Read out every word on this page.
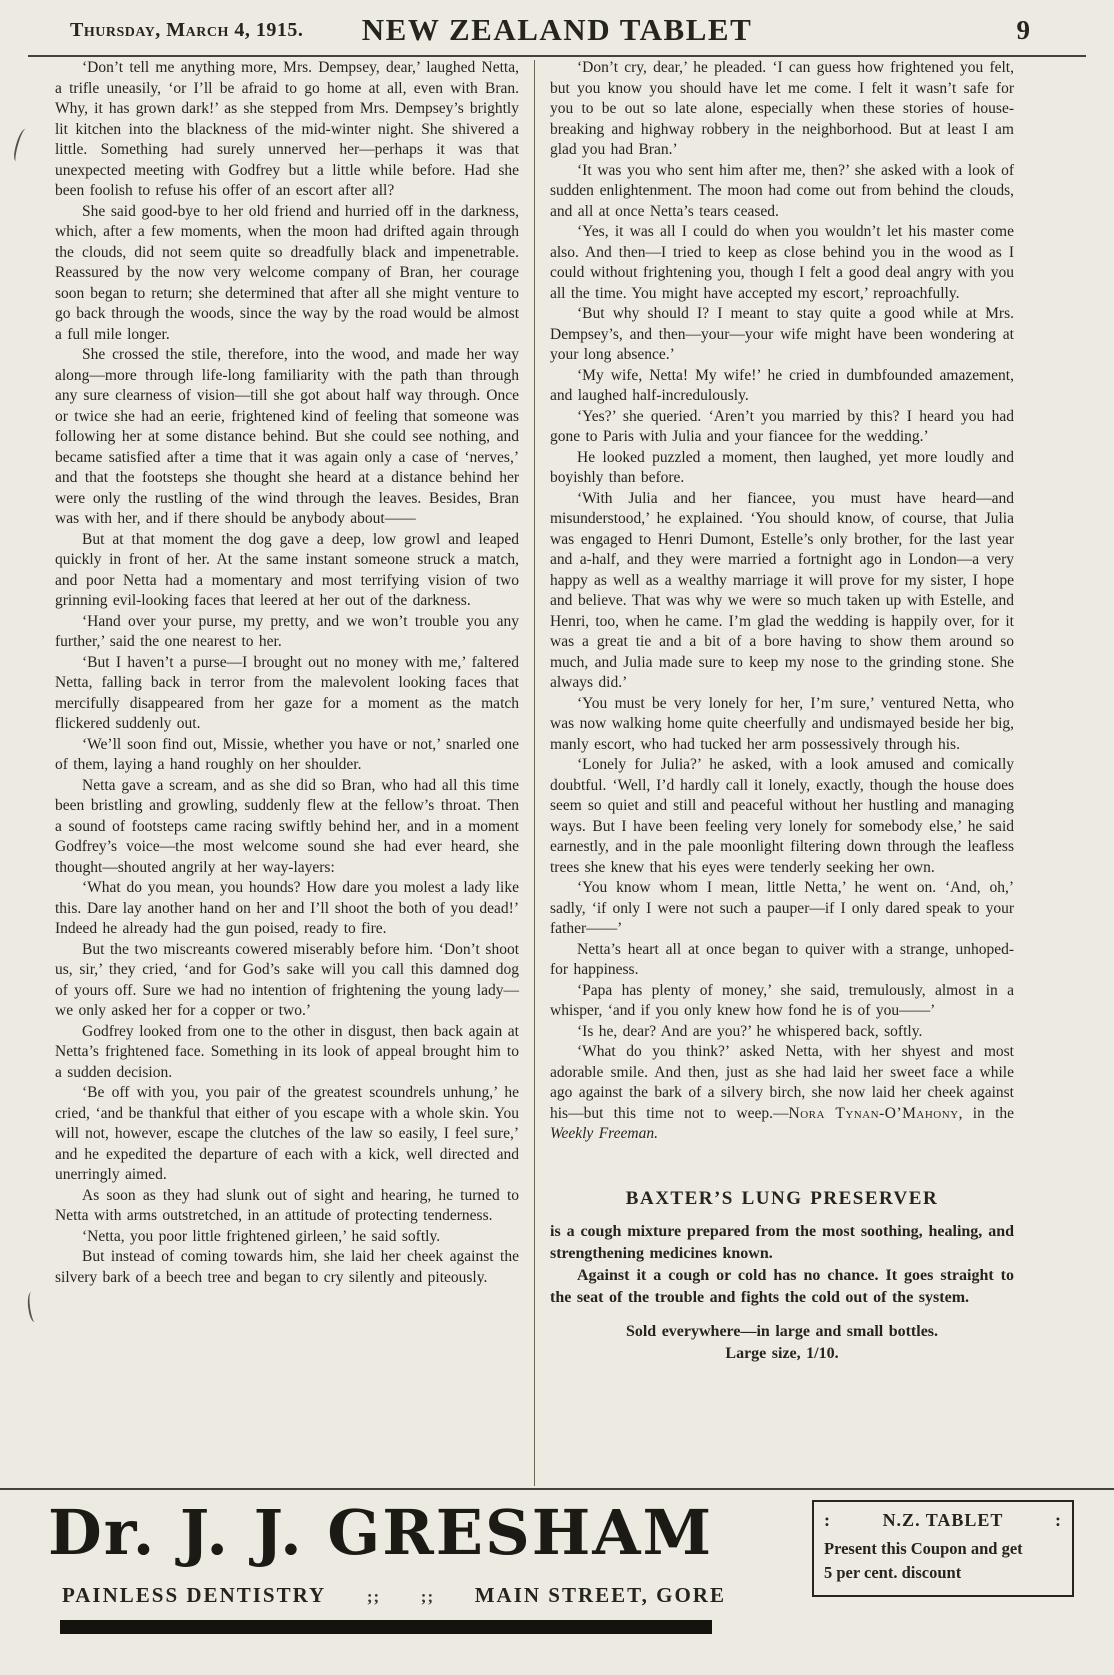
Thursday, March 4, 1915.	NEW ZEALAND TABLET	9

‘Don’t tell me anything more, Mrs. Dempsey, dear,’ laughed Netta, a trifle uneasily, ‘or I’ll be afraid to go home at all, even with Bran. Why, it has grown dark!’ as she stepped from Mrs. Dempsey’s brightly lit kitchen into the blackness of the mid-winter night. She shivered a little. Something had surely unnerved her—perhaps it was that unexpected meeting with Godfrey but a little while before. Had she been foolish to refuse his offer of an escort after all?

She said good-bye to her old friend and hurried off in the darkness, which, after a few moments, when the moon had drifted again through the clouds, did not seem quite so dreadfully black and impenetrable. Reassured by the now very welcome company of Bran, her courage soon began to return; she determined that after all she might venture to go back through the woods, since the way by the road would be almost a full mile longer.

She crossed the stile, therefore, into the wood, and made her way along—more through life-long familiarity with the path than through any sure clearness of vision—till she got about half way through. Once or twice she had an eerie, frightened kind of feeling that someone was following her at some distance behind. But she could see nothing, and became satisfied after a time that it was again only a case of ‘nerves,’ and that the footsteps she thought she heard at a distance behind her were only the rustling of the wind through the leaves. Besides, Bran was with her, and if there should be anybody about——

But at that moment the dog gave a deep, low growl and leaped quickly in front of her. At the same instant someone struck a match, and poor Netta had a momentary and most terrifying vision of two grinning evil-looking faces that leered at her out of the darkness.

‘Hand over your purse, my pretty, and we won’t trouble you any further,’ said the one nearest to her.

‘But I haven’t a purse—I brought out no money with me,’ faltered Netta, falling back in terror from the malevolent looking faces that mercifully disappeared from her gaze for a moment as the match flickered suddenly out.

‘We’ll soon find out, Missie, whether you have or not,’ snarled one of them, laying a hand roughly on her shoulder.

Netta gave a scream, and as she did so Bran, who had all this time been bristling and growling, suddenly flew at the fellow’s throat. Then a sound of footsteps came racing swiftly behind her, and in a moment Godfrey’s voice—the most welcome sound she had ever heard, she thought—shouted angrily at her way-layers:

‘What do you mean, you hounds? How dare you molest a lady like this. Dare lay another hand on her and I’ll shoot the both of you dead!’ Indeed he already had the gun poised, ready to fire.

But the two miscreants cowered miserably before him. ‘Don’t shoot us, sir,’ they cried, ‘and for God’s sake will you call this damned dog of yours off. Sure we had no intention of frightening the young lady—we only asked her for a copper or two.’

Godfrey looked from one to the other in disgust, then back again at Netta’s frightened face. Something in its look of appeal brought him to a sudden decision.

‘Be off with you, you pair of the greatest scoundrels unhung,’ he cried, ‘and be thankful that either of you escape with a whole skin. You will not, however, escape the clutches of the law so easily, I feel sure,’ and he expedited the departure of each with a kick, well directed and unerringly aimed.

As soon as they had slunk out of sight and hearing, he turned to Netta with arms outstretched, in an attitude of protecting tenderness.

‘Netta, you poor little frightened girleen,’ he said softly.

But instead of coming towards him, she laid her cheek against the silvery bark of a beech tree and began to cry silently and piteously.

‘Don’t cry, dear,’ he pleaded. ‘I can guess how frightened you felt, but you know you should have let me come. I felt it wasn’t safe for you to be out so late alone, especially when these stories of house-breaking and highway robbery in the neighborhood. But at least I am glad you had Bran.’

‘It was you who sent him after me, then?’ she asked with a look of sudden enlightenment. The moon had come out from behind the clouds, and all at once Netta’s tears ceased.

‘Yes, it was all I could do when you wouldn’t let his master come also. And then—I tried to keep as close behind you in the wood as I could without frightening you, though I felt a good deal angry with you all the time. You might have accepted my escort,’ reproachfully.

‘But why should I? I meant to stay quite a good while at Mrs. Dempsey’s, and then—your—your wife might have been wondering at your long absence.’

‘My wife, Netta! My wife!’ he cried in dumbfounded amazement, and laughed half-incredulously.

‘Yes?’ she queried. ‘Aren’t you married by this? I heard you had gone to Paris with Julia and your fiancee for the wedding.’

He looked puzzled a moment, then laughed, yet more loudly and boyishly than before.

‘With Julia and her fiancee, you must have heard—and misunderstood,’ he explained. ‘You should know, of course, that Julia was engaged to Henri Dumont, Estelle’s only brother, for the last year and a-half, and they were married a fortnight ago in London—a very happy as well as a wealthy marriage it will prove for my sister, I hope and believe. That was why we were so much taken up with Estelle, and Henri, too, when he came. I’m glad the wedding is happily over, for it was a great tie and a bit of a bore having to show them around so much, and Julia made sure to keep my nose to the grinding stone. She always did.’

‘You must be very lonely for her, I’m sure,’ ventured Netta, who was now walking home quite cheerfully and undismayed beside her big, manly escort, who had tucked her arm possessively through his.

‘Lonely for Julia?’ he asked, with a look amused and comically doubtful. ‘Well, I’d hardly call it lonely, exactly, though the house does seem so quiet and still and peaceful without her hustling and managing ways. But I have been feeling very lonely for somebody else,’ he said earnestly, and in the pale moonlight filtering down through the leafless trees she knew that his eyes were tenderly seeking her own.

‘You know whom I mean, little Netta,’ he went on. ‘And, oh,’ sadly, ‘if only I were not such a pauper—if I only dared speak to your father——’

Netta’s heart all at once began to quiver with a strange, unhoped-for happiness.

‘Papa has plenty of money,’ she said, tremulously, almost in a whisper, ‘and if you only knew how fond he is of you——’

‘Is he, dear? And are you?’ he whispered back, softly.

‘What do you think?’ asked Netta, with her shyest and most adorable smile. And then, just as she had laid her sweet face a while ago against the bark of a silvery birch, she now laid her cheek against his—but this time not to weep.—Nora Tynan-O’Mahony, in the Weekly Freeman.

BAXTER’S LUNG PRESERVER

is a cough mixture prepared from the most soothing, healing, and strengthening medicines known.

Against it a cough or cold has no chance. It goes straight to the seat of the trouble and fights the cold out of the system.

Sold everywhere—in large and small bottles.

Large size, 1/10.

Dr. J. J. GRESHAM
PAINLESS DENTISTRY ;; ;; MAIN STREET, GORE
:	N.Z. TABLET	:
Present this Coupon and get
5 per cent. discount
